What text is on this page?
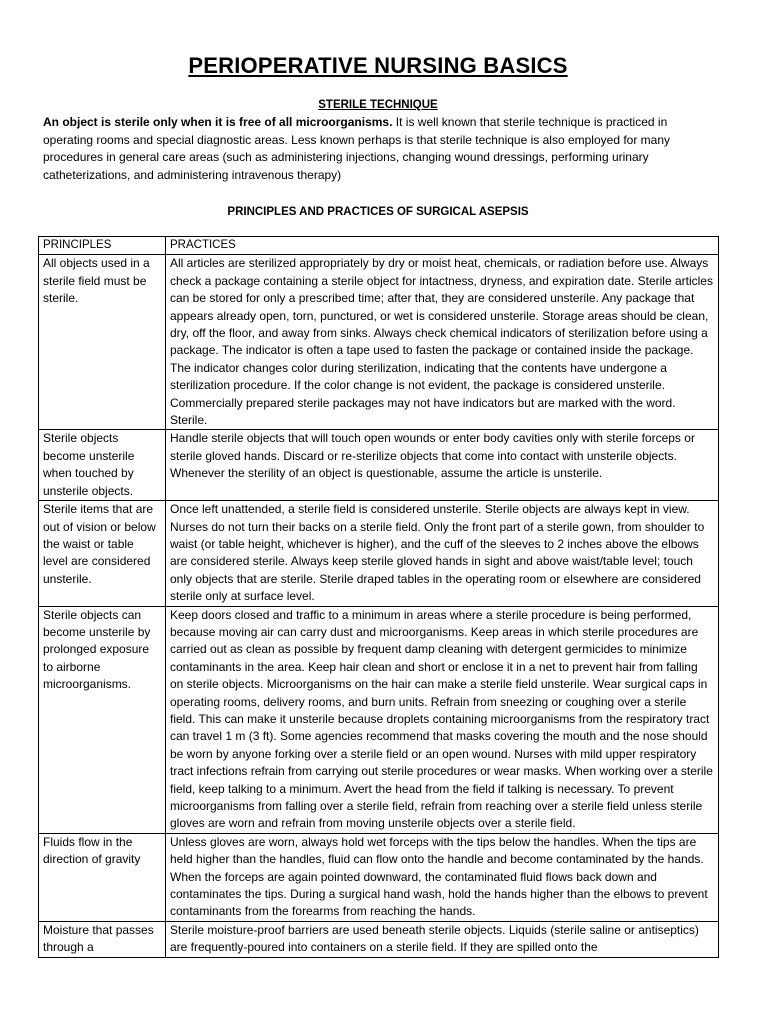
PERIOPERATIVE NURSING BASICS

STERILE TECHNIQUE

An object is sterile only when it is free of all microorganisms. It is well known that sterile technique is practiced in operating rooms and special diagnostic areas. Less known perhaps is that sterile technique is also employed for many procedures in general care areas (such as administering injections, changing wound dressings, performing urinary catheterizations, and administering intravenous therapy)

PRINCIPLES AND PRACTICES OF SURGICAL ASEPSIS

PRINCIPLES	PRACTICES
All objects used in a sterile field must be sterile.	All articles are sterilized appropriately by dry or moist heat, chemicals, or radiation before use. Always check a package containing a sterile object for intactness, dryness, and expiration date. Sterile articles can be stored for only a prescribed time; after that, they are considered unsterile. Any package that appears already open, torn, punctured, or wet is considered unsterile. Storage areas should be clean, dry, off the floor, and away from sinks. Always check chemical indicators of sterilization before using a package. The indicator is often a tape used to fasten the package or contained inside the package. The indicator changes color during sterilization, indicating that the contents have undergone a sterilization procedure. If the color change is not evident, the package is considered unsterile. Commercially prepared sterile packages may not have indicators but are marked with the word. Sterile.
Sterile objects become unsterile when touched by unsterile objects.	Handle sterile objects that will touch open wounds or enter body cavities only with sterile forceps or sterile gloved hands. Discard or re-sterilize objects that come into contact with unsterile objects. Whenever the sterility of an object is questionable, assume the article is unsterile.
Sterile items that are out of vision or below the waist or table level are considered unsterile.	Once left unattended, a sterile field is considered unsterile. Sterile objects are always kept in view. Nurses do not turn their backs on a sterile field. Only the front part of a sterile gown, from shoulder to waist (or table height, whichever is higher), and the cuff of the sleeves to 2 inches above the elbows are considered sterile. Always keep sterile gloved hands in sight and above waist/table level; touch only objects that are sterile. Sterile draped tables in the operating room or elsewhere are considered sterile only at surface level.
Sterile objects can become unsterile by prolonged exposure to airborne microorganisms.	Keep doors closed and traffic to a minimum in areas where a sterile procedure is being performed, because moving air can carry dust and microorganisms. Keep areas in which sterile procedures are carried out as clean as possible by frequent damp cleaning with detergent germicides to minimize contaminants in the area. Keep hair clean and short or enclose it in a net to prevent hair from falling on sterile objects. Microorganisms on the hair can make a sterile field unsterile. Wear surgical caps in operating rooms, delivery rooms, and burn units. Refrain from sneezing or coughing over a sterile field. This can make it unsterile because droplets containing microorganisms from the respiratory tract can travel 1 m (3 ft). Some agencies recommend that masks covering the mouth and the nose should be worn by anyone forking over a sterile field or an open wound. Nurses with mild upper respiratory tract infections refrain from carrying out sterile procedures or wear masks. When working over a sterile field, keep talking to a minimum. Avert the head from the field if talking is necessary. To prevent microorganisms from falling over a sterile field, refrain from reaching over a sterile field unless sterile gloves are worn and refrain from moving unsterile objects over a sterile field.
Fluids flow in the direction of gravity	Unless gloves are worn, always hold wet forceps with the tips below the handles. When the tips are held higher than the handles, fluid can flow onto the handle and become contaminated by the hands. When the forceps are again pointed downward, the contaminated fluid flows back down and contaminates the tips. During a surgical hand wash, hold the hands higher than the elbows to prevent contaminants from the forearms from reaching the hands.
Moisture that passes through a	Sterile moisture-proof barriers are used beneath sterile objects. Liquids (sterile saline or antiseptics) are frequently-poured into containers on a sterile field. If they are spilled onto the
